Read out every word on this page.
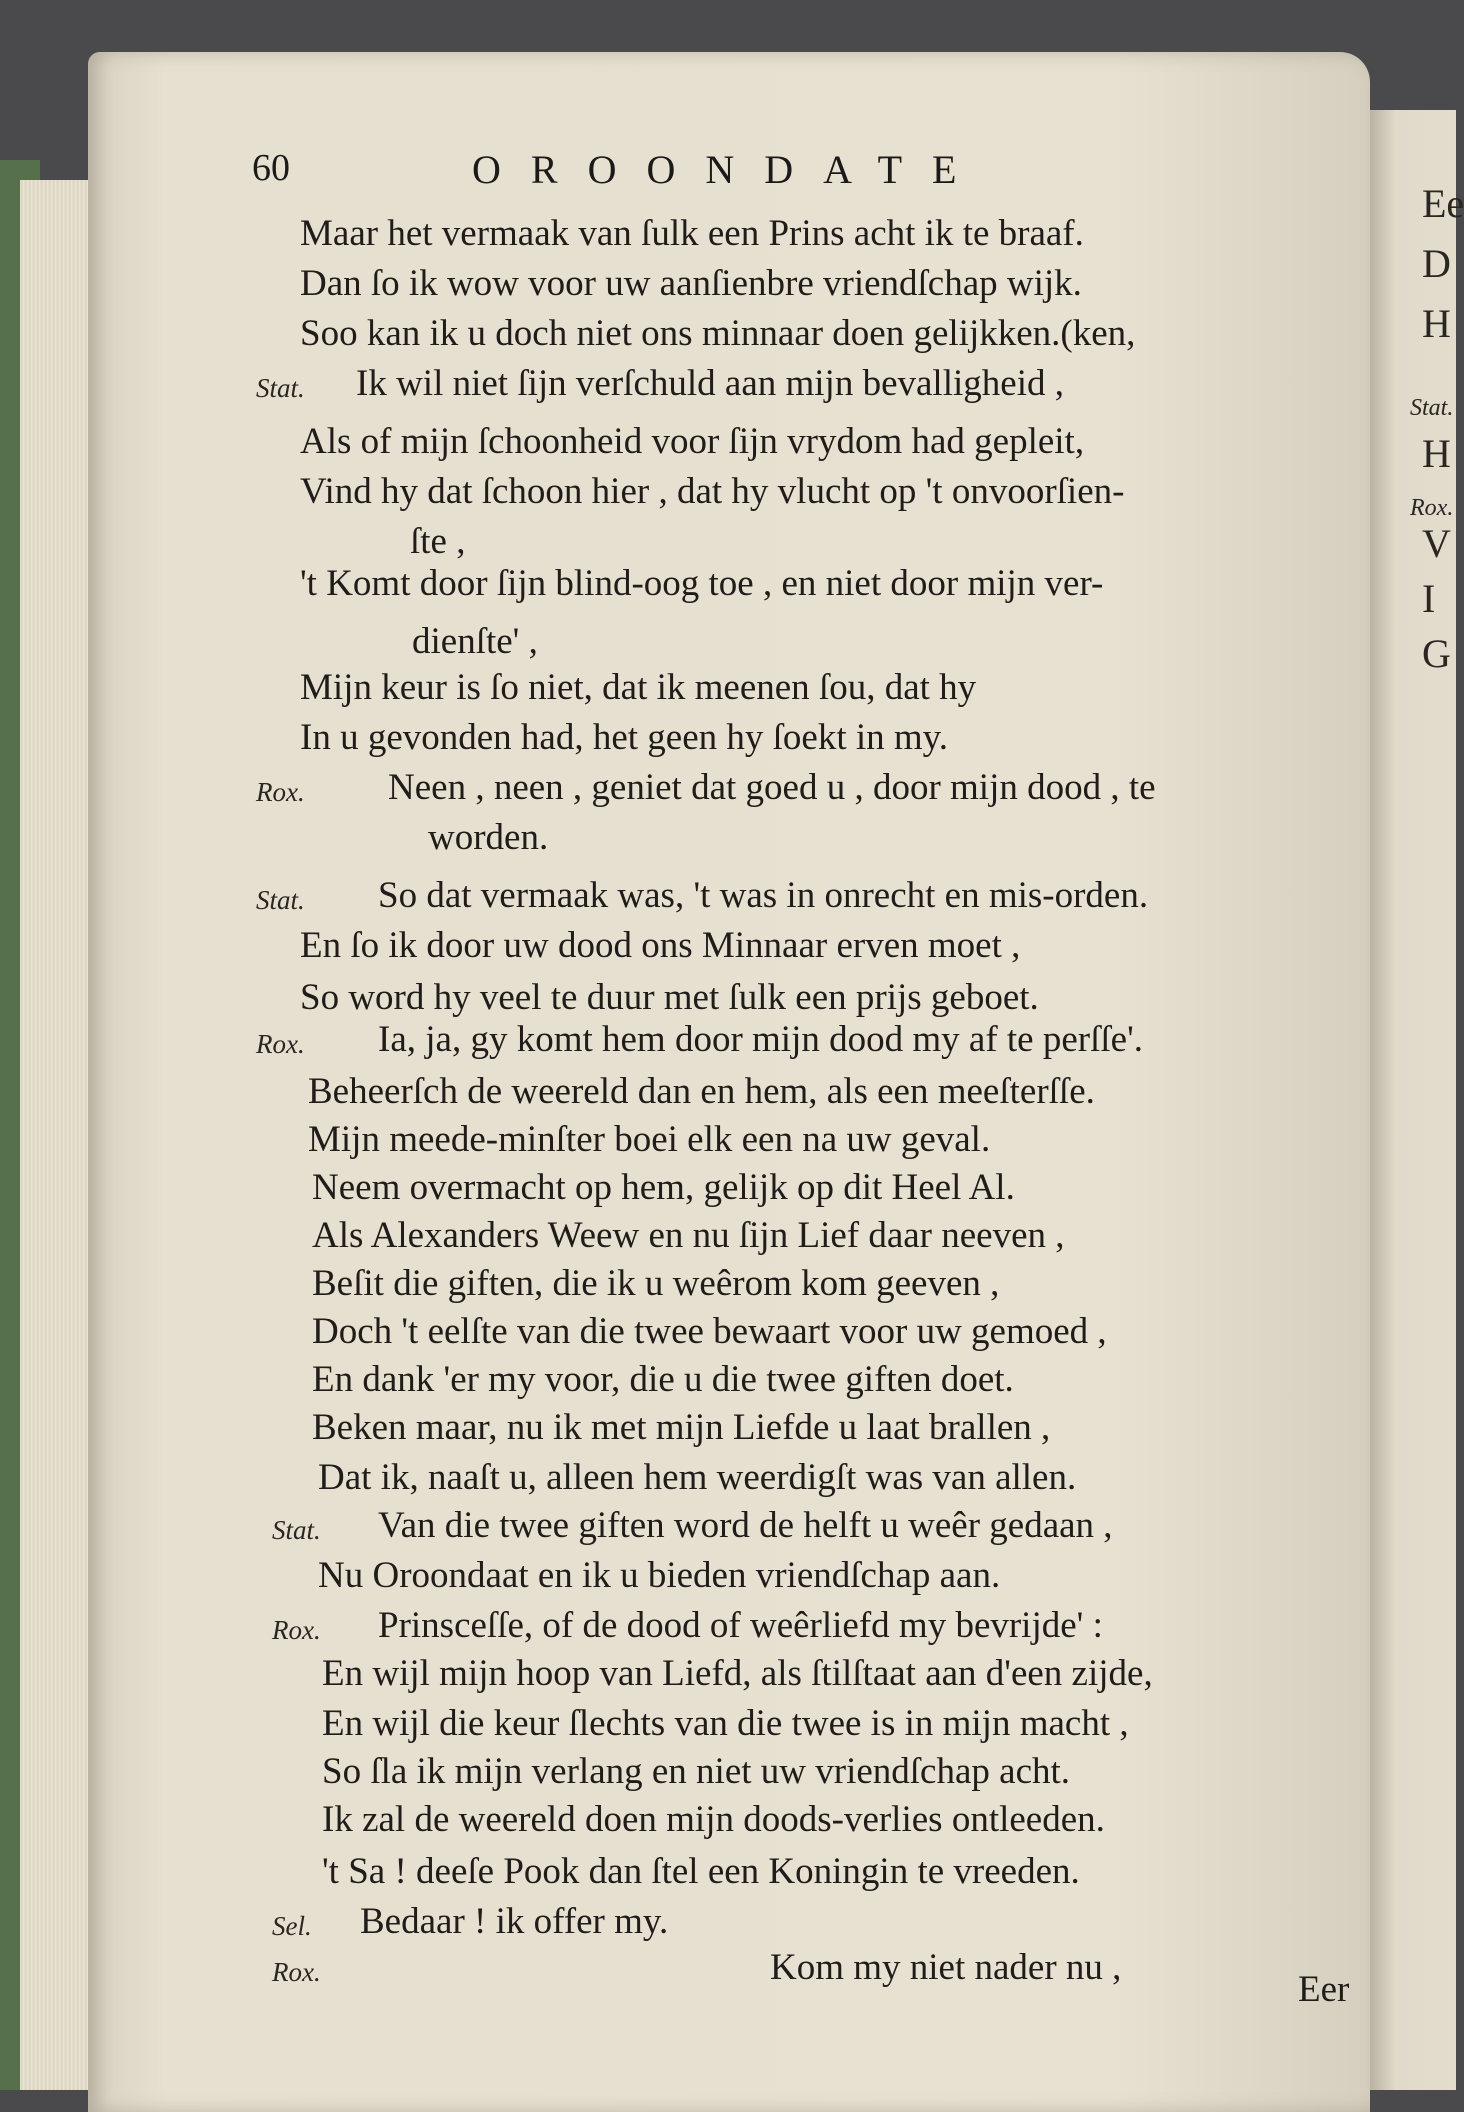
Ee
D
H
Stat.
H
Rox.
V
I
G
60	OROONDATE
Maar het vermaak van ſulk een Prins acht ik te braaf.
Dan ſo ik wow voor uw aanſienbre vriendſchap wijk.
Soo kan ik u doch niet ons minnaar doen gelijkken.(ken,
Stat. Ik wil niet ſijn verſchuld aan mijn bevalligheid ,
Als of mijn ſchoonheid voor ſijn vrydom had gepleit,
Vind hy dat ſchoon hier , dat hy vlucht op 't onvoorſien-
ſte ,
't Komt door ſijn blind-oog toe , en niet door mijn ver-
dienſte' ,
Mijn keur is ſo niet, dat ik meenen ſou, dat hy
In u gevonden had, het geen hy ſoekt in my.
Rox. Neen , neen , geniet dat goed u , door mijn dood , te
worden.
Stat. So dat vermaak was, 't was in onrecht en mis-orden.
En ſo ik door uw dood ons Minnaar erven moet ,
So word hy veel te duur met ſulk een prijs geboet.
Rox. Ia, ja, gy komt hem door mijn dood my af te perſſe'.
Beheerſch de weereld dan en hem, als een meeſterſſe.
Mijn meede-minſter boei elk een na uw geval.
Neem overmacht op hem, gelijk op dit Heel Al.
Als Alexanders Weew en nu ſijn Lief daar neeven ,
Beſit die giften, die ik u weêrom kom geeven ,
Doch 't eelſte van die twee bewaart voor uw gemoed ,
En dank 'er my voor, die u die twee giften doet.
Beken maar, nu ik met mijn Liefde u laat brallen ,
Dat ik, naaſt u, alleen hem weerdigſt was van allen.
Stat. Van die twee giften word de helft u weêr gedaan ,
Nu Oroondaat en ik u bieden vriendſchap aan.
Rox. Prinsceſſe, of de dood of weêrliefd my bevrijde' :
En wijl mijn hoop van Liefd, als ſtilſtaat aan d'een zijde,
En wijl die keur ſlechts van die twee is in mijn macht ,
So ſla ik mijn verlang en niet uw vriendſchap acht.
Ik zal de weereld doen mijn doods-verlies ontleeden.
't Sa ! deeſe Pook dan ſtel een Koningin te vreeden.
Sel. Bedaar ! ik offer my.
Rox.	Kom my niet nader nu ,
Eer
